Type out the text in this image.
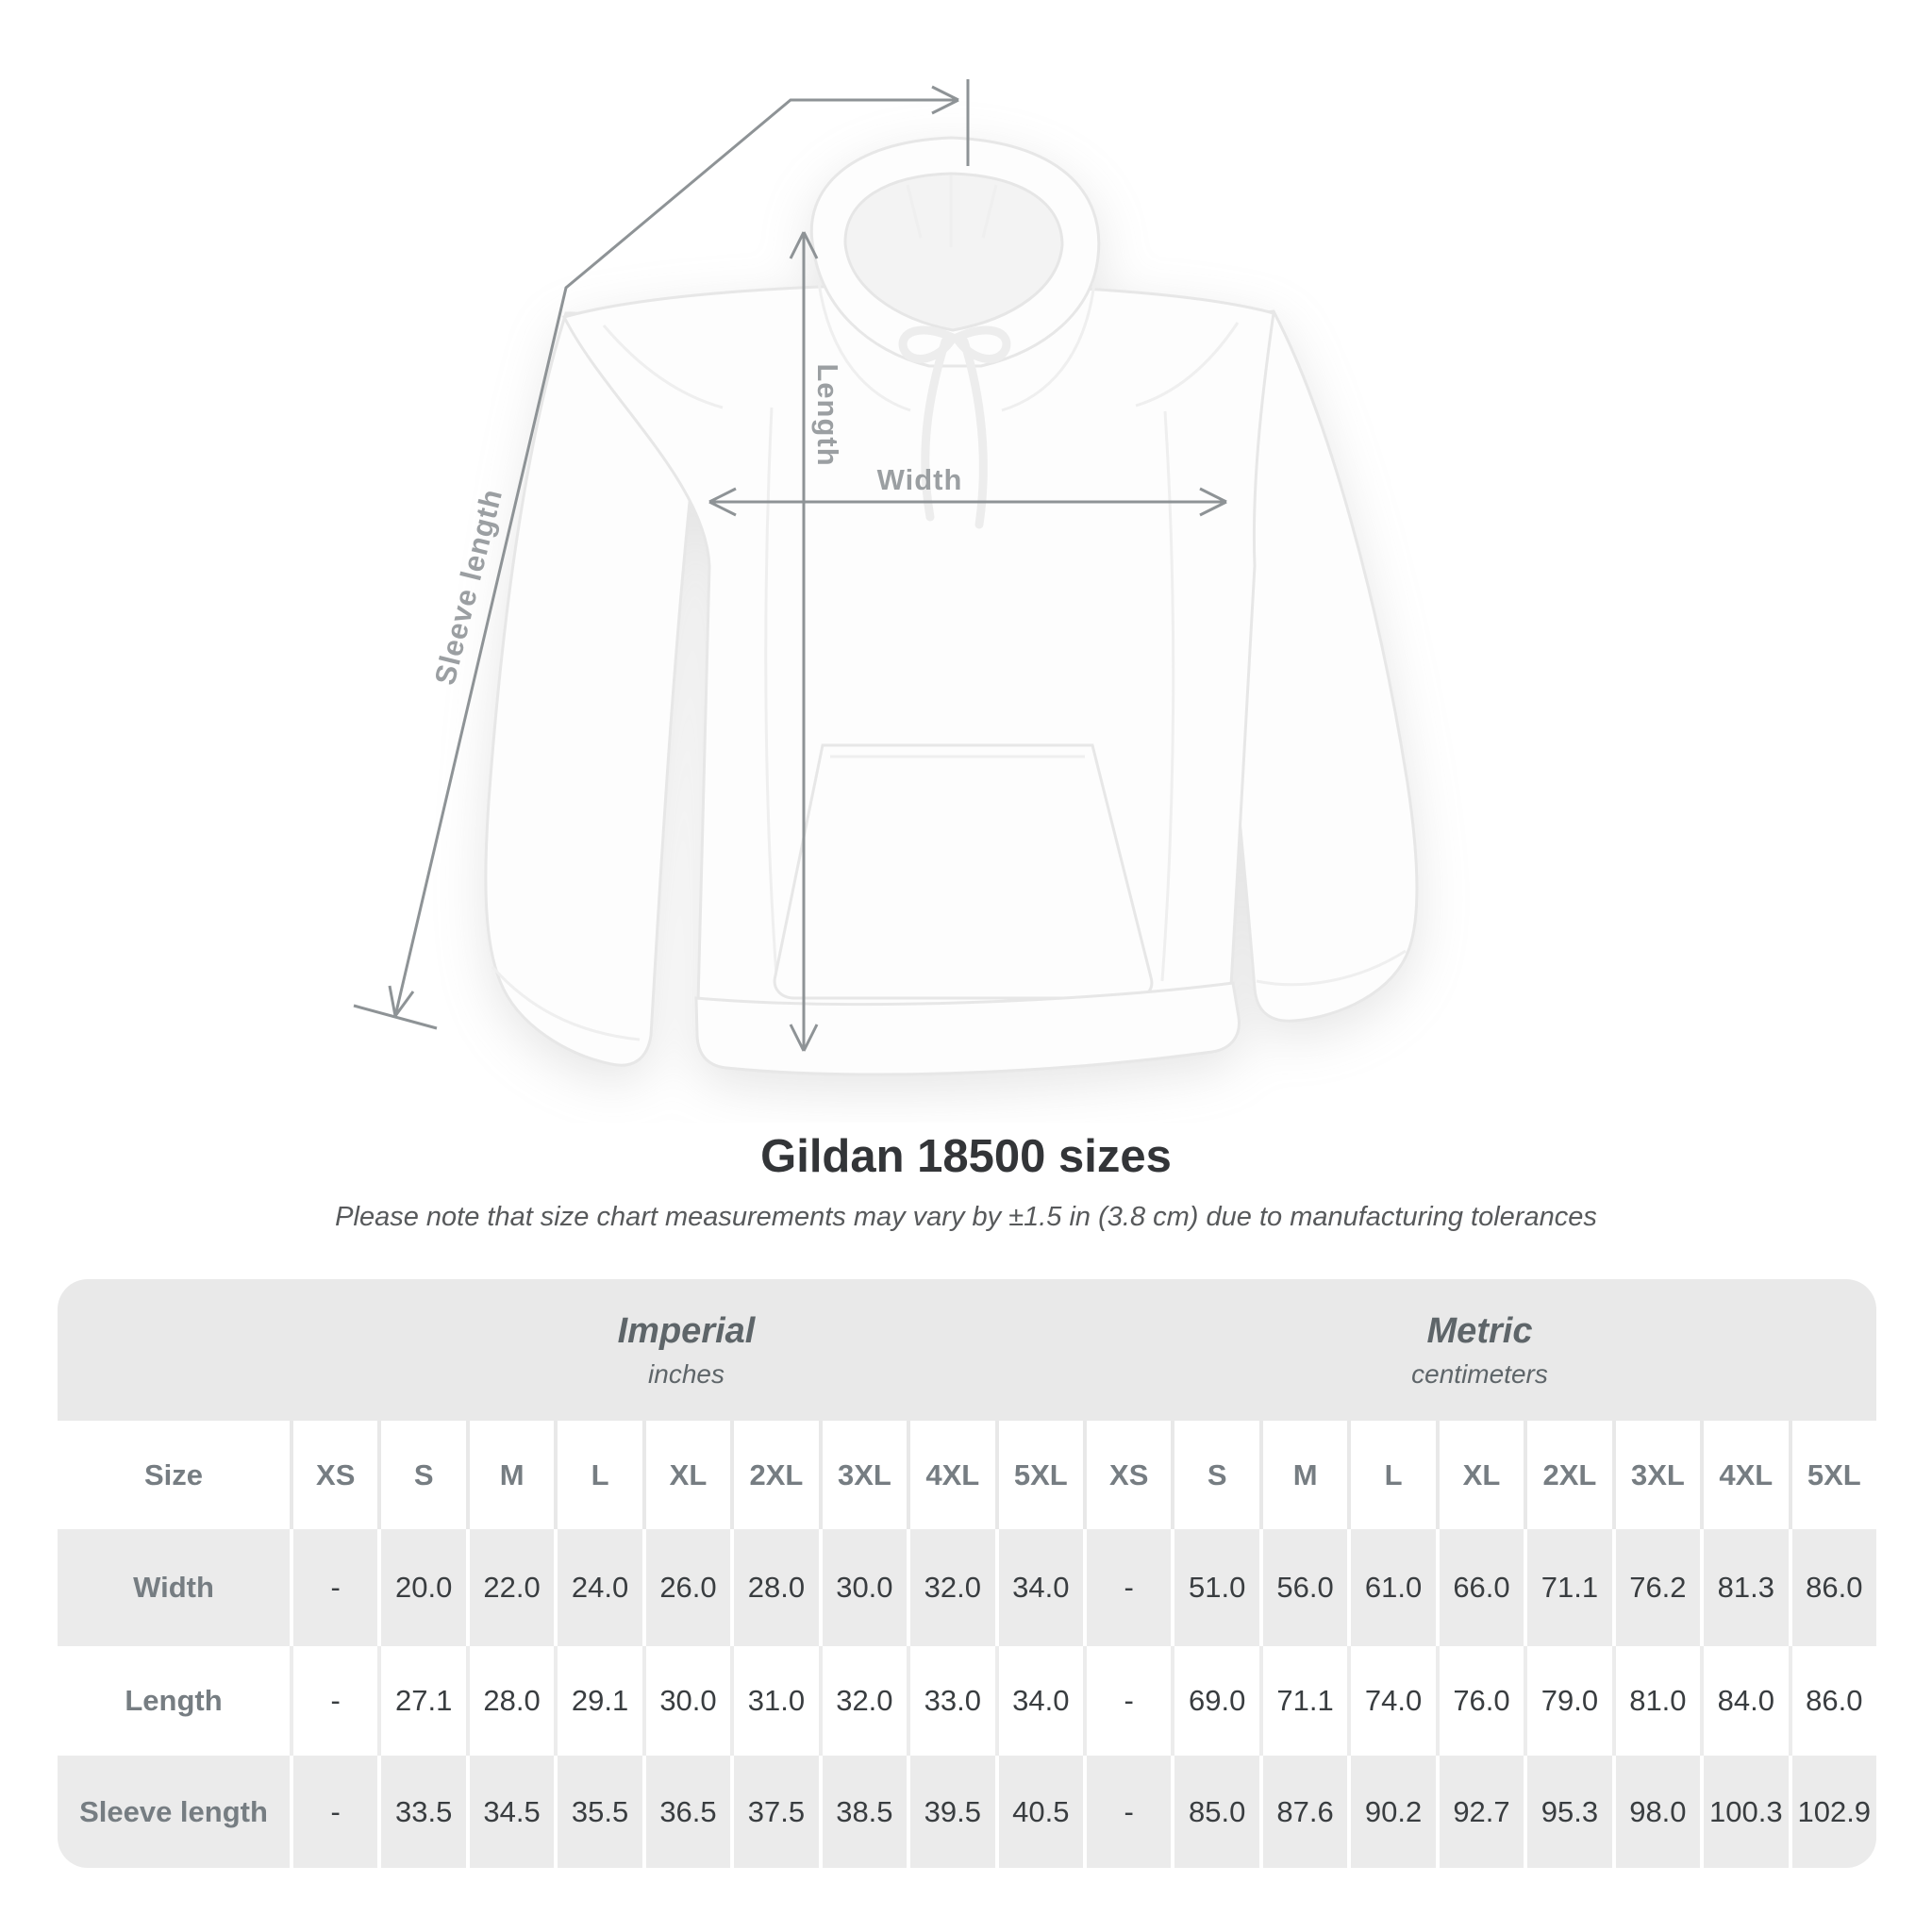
Length
Width
Sleeve length
Gildan 18500 sizes

Please note that size chart measurements may vary by ±1.5 in (3.8 cm) due to manufacturing tolerances

Imperial
inches
Metric
centimeters
Size	XS	S	M	L	XL	2XL	3XL	4XL	5XL	XS	S	M	L	XL	2XL	3XL	4XL	5XL
Width	-	20.0	22.0	24.0	26.0	28.0	30.0	32.0	34.0	-	51.0	56.0	61.0	66.0	71.1	76.2	81.3	86.0
Length	-	27.1	28.0	29.1	30.0	31.0	32.0	33.0	34.0	-	69.0	71.1	74.0	76.0	79.0	81.0	84.0	86.0
Sleeve length	-	33.5	34.5	35.5	36.5	37.5	38.5	39.5	40.5	-	85.0	87.6	90.2	92.7	95.3	98.0 100.3 102.9
